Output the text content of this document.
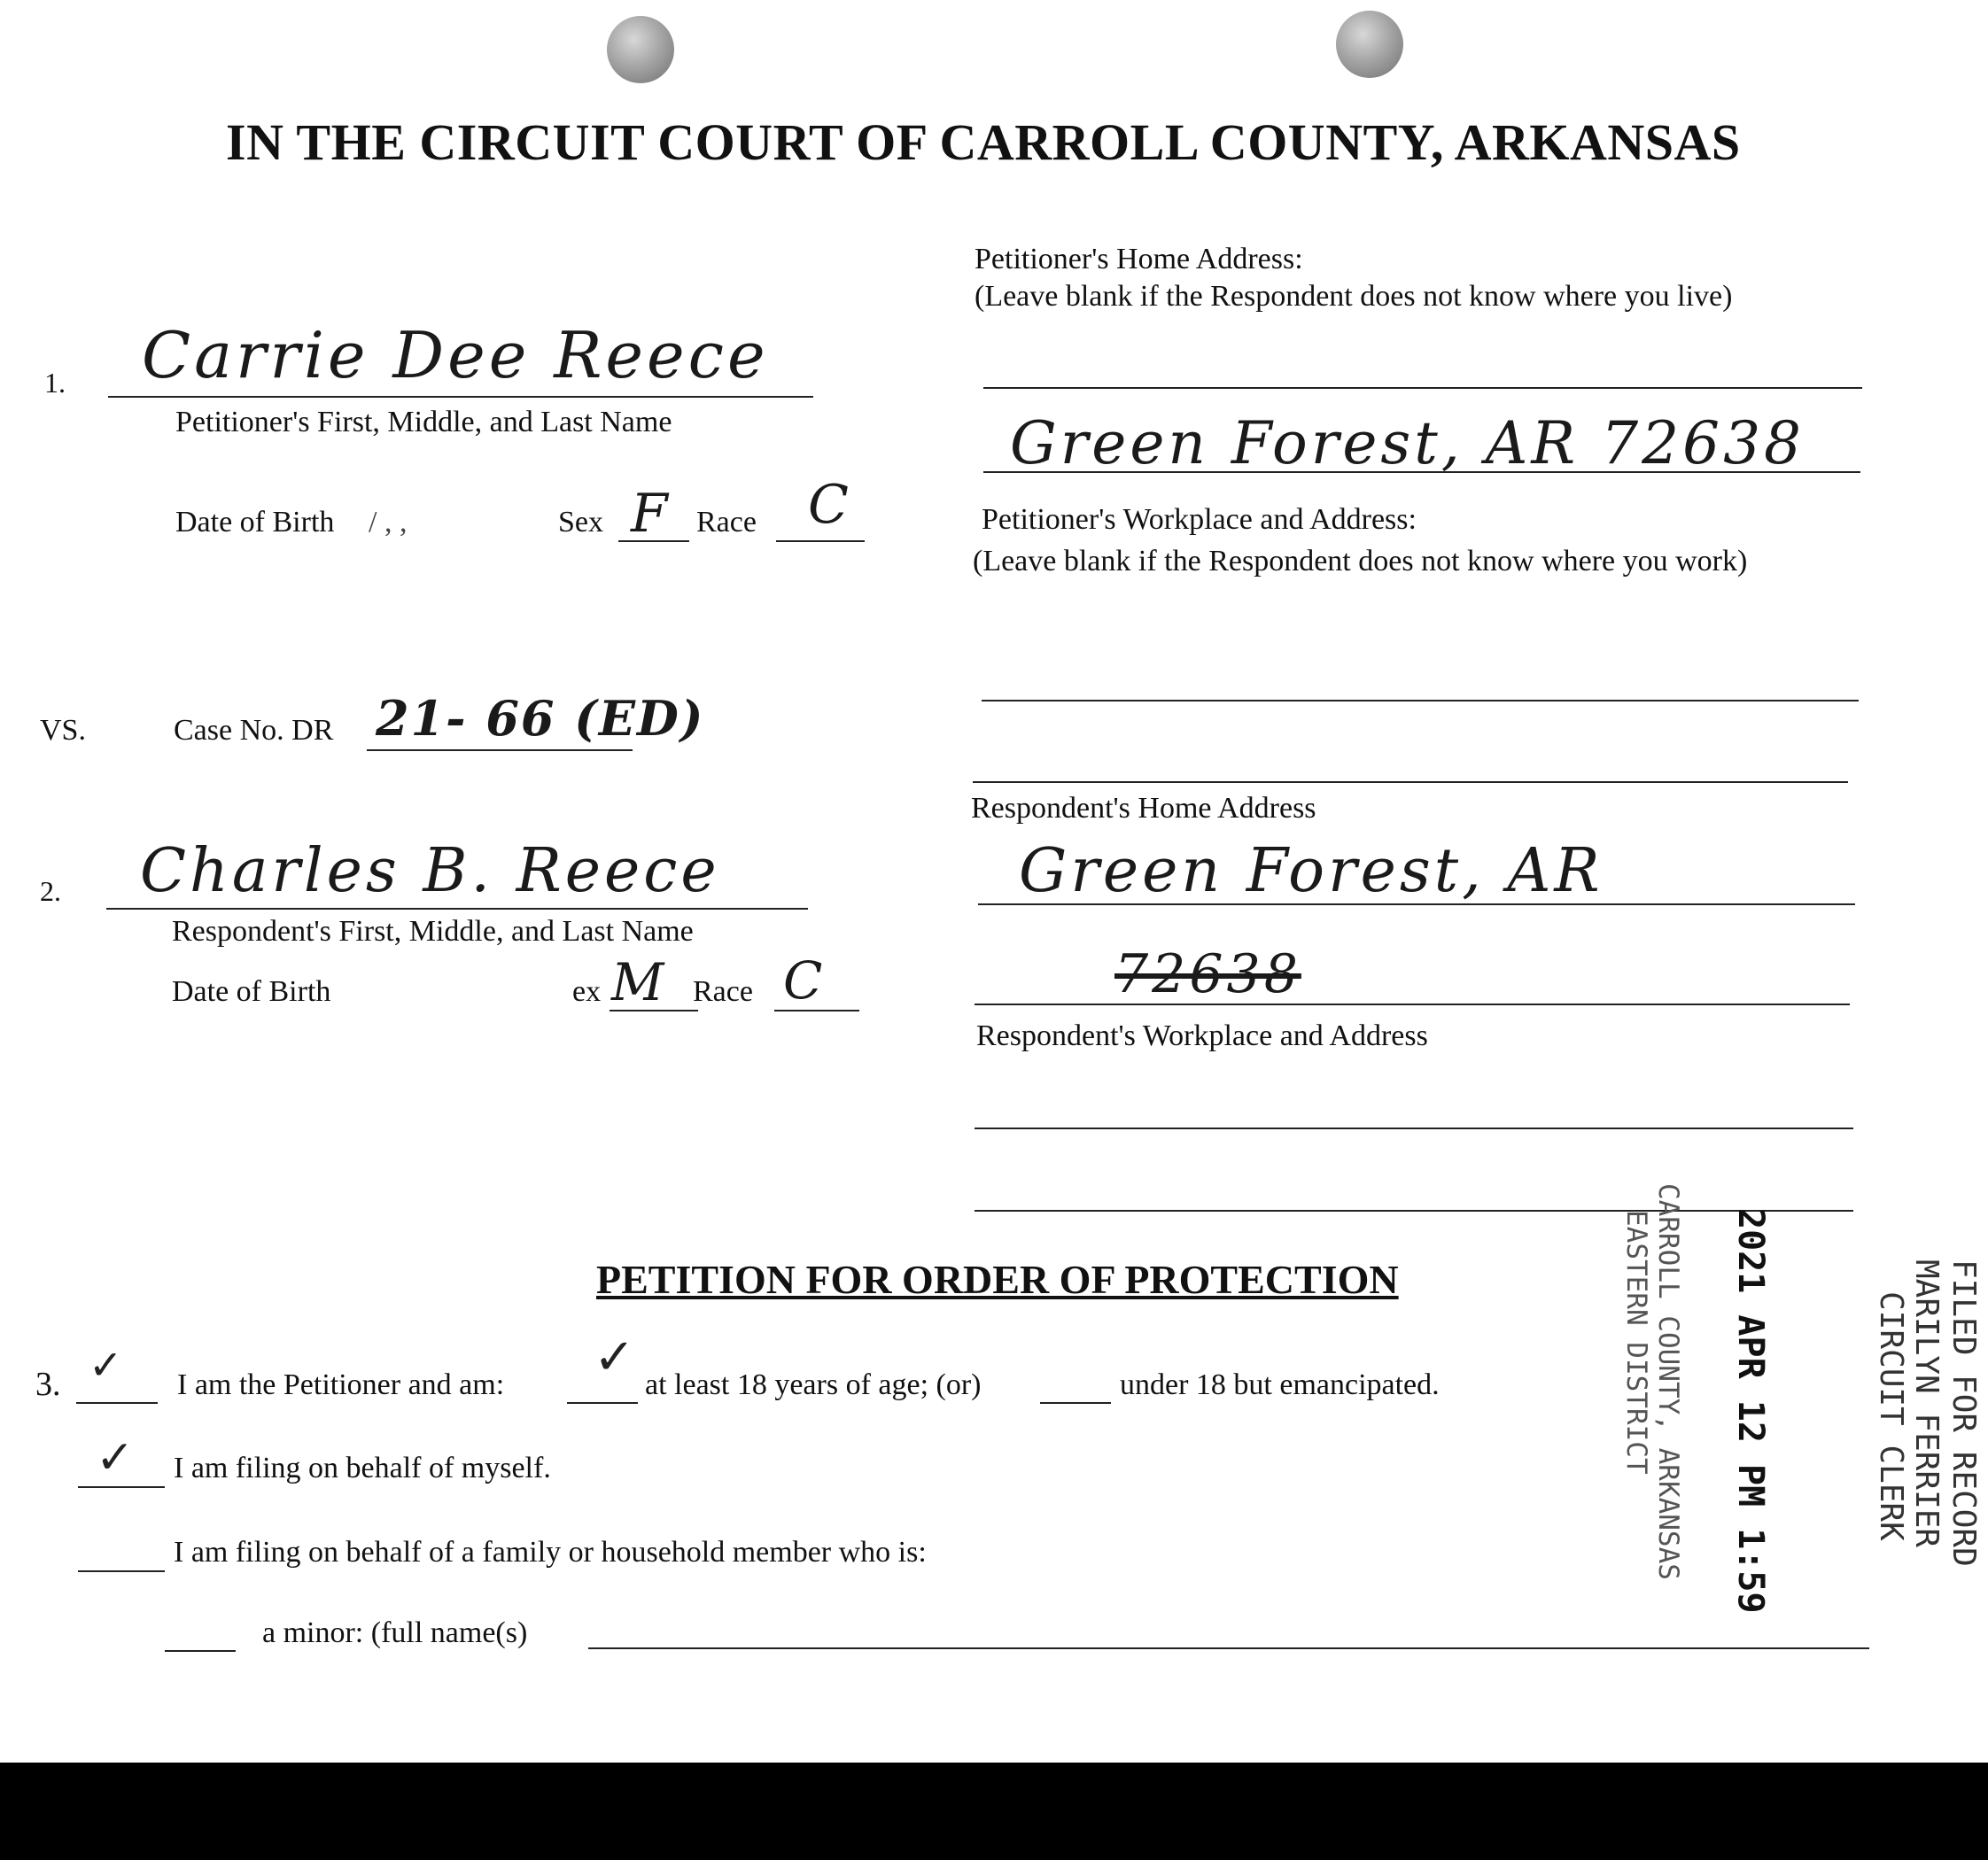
IN THE CIRCUIT COURT OF CARROLL COUNTY, ARKANSAS
1. Carrie Dee Reece
Petitioner's First, Middle, and Last Name
Date of Birth / , ,	Sex F Race C
VS.	Case No. DR 21- 66 (ED)
2. Charles B. Reece
Respondent's First, Middle, and Last Name
Date of Birth	ex M Race C
Petitioner's Home Address:
(Leave blank if the Respondent does not know where you live)
Green Forest, AR 72638
Petitioner's Workplace and Address:
(Leave blank if the Respondent does not know where you work)
Respondent's Home Address
Green Forest, AR
72638
Respondent's Workplace and Address
PETITION FOR ORDER OF PROTECTION
3. ✓ I am the Petitioner and am: ✓ at least 18 years of age; (or)	under 18 but emancipated.
✓ I am filing on behalf of myself.
I am filing on behalf of a family or household member who is:
a minor: (full name(s)
FILED FOR RECORD
MARILYN FERRIER
CIRCUIT CLERK
2021 APR 12 PM 1:59
CARROLL COUNTY, ARKANSAS
EASTERN DISTRICT
